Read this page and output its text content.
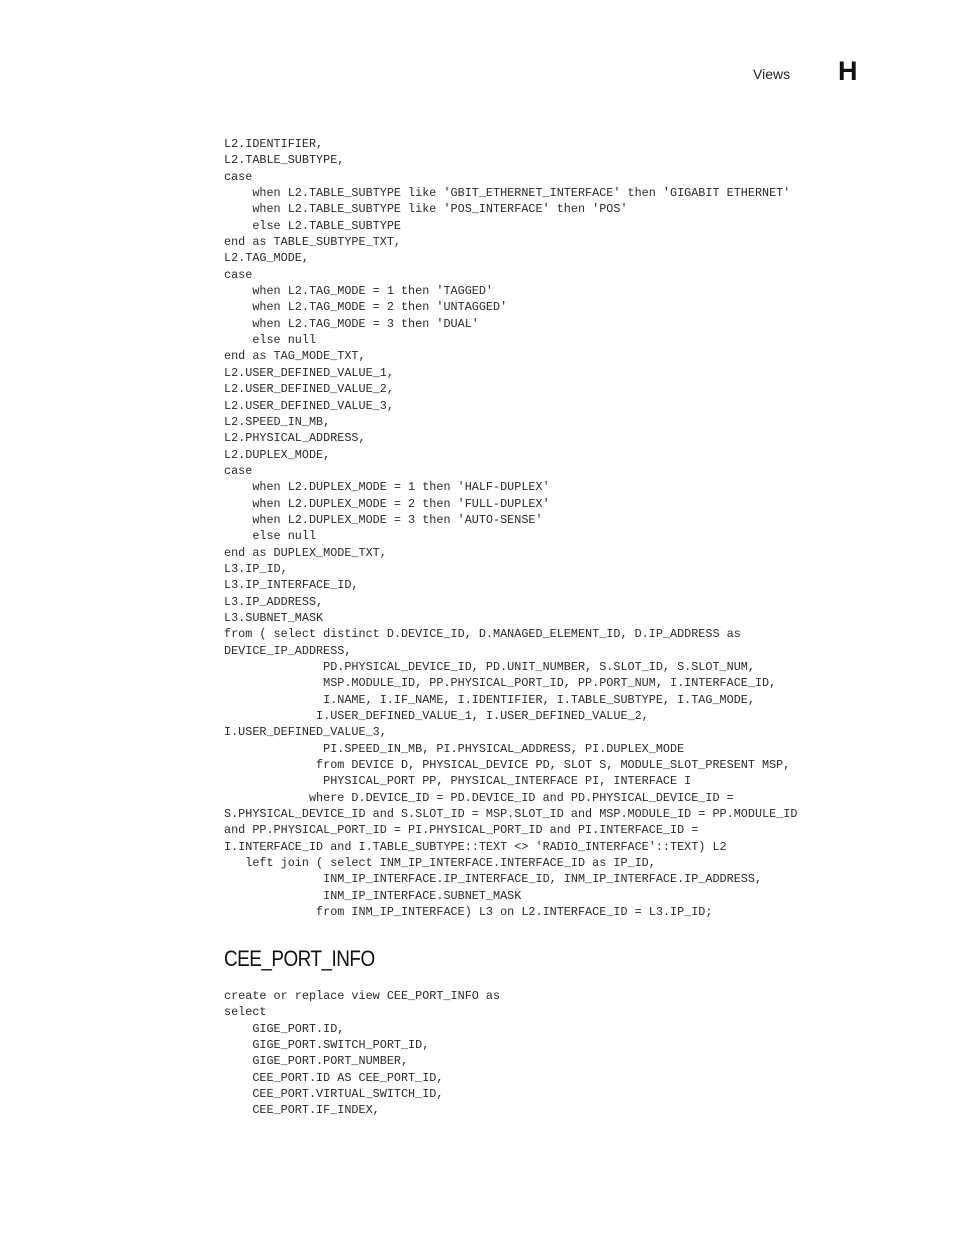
Views H
L2.IDENTIFIER,
L2.TABLE_SUBTYPE,
case
when L2.TABLE_SUBTYPE like 'GBIT_ETHERNET_INTERFACE' then 'GIGABIT ETHERNET'
when L2.TABLE_SUBTYPE like 'POS_INTERFACE' then 'POS'
else L2.TABLE_SUBTYPE
end as TABLE_SUBTYPE_TXT,
L2.TAG_MODE,
case
when L2.TAG_MODE = 1 then 'TAGGED'
when L2.TAG_MODE = 2 then 'UNTAGGED'
when L2.TAG_MODE = 3 then 'DUAL'
else null
end as TAG_MODE_TXT,
L2.USER_DEFINED_VALUE_1,
L2.USER_DEFINED_VALUE_2,
L2.USER_DEFINED_VALUE_3,
L2.SPEED_IN_MB,
L2.PHYSICAL_ADDRESS,
L2.DUPLEX_MODE,
case
when L2.DUPLEX_MODE = 1 then 'HALF-DUPLEX'
when L2.DUPLEX_MODE = 2 then 'FULL-DUPLEX'
when L2.DUPLEX_MODE = 3 then 'AUTO-SENSE'
else null
end as DUPLEX_MODE_TXT,
L3.IP_ID,
L3.IP_INTERFACE_ID,
L3.IP_ADDRESS,
L3.SUBNET_MASK
from ( select distinct D.DEVICE_ID, D.MANAGED_ELEMENT_ID, D.IP_ADDRESS as
DEVICE_IP_ADDRESS,
PD.PHYSICAL_DEVICE_ID, PD.UNIT_NUMBER, S.SLOT_ID, S.SLOT_NUM,
MSP.MODULE_ID, PP.PHYSICAL_PORT_ID, PP.PORT_NUM, I.INTERFACE_ID,
I.NAME, I.IF_NAME, I.IDENTIFIER, I.TABLE_SUBTYPE, I.TAG_MODE,
I.USER_DEFINED_VALUE_1, I.USER_DEFINED_VALUE_2,
I.USER_DEFINED_VALUE_3,
PI.SPEED_IN_MB, PI.PHYSICAL_ADDRESS, PI.DUPLEX_MODE
from DEVICE D, PHYSICAL_DEVICE PD, SLOT S, MODULE_SLOT_PRESENT MSP,
PHYSICAL_PORT PP, PHYSICAL_INTERFACE PI, INTERFACE I
where D.DEVICE_ID = PD.DEVICE_ID and PD.PHYSICAL_DEVICE_ID =
S.PHYSICAL_DEVICE_ID and S.SLOT_ID = MSP.SLOT_ID and MSP.MODULE_ID = PP.MODULE_ID
and PP.PHYSICAL_PORT_ID = PI.PHYSICAL_PORT_ID and PI.INTERFACE_ID =
I.INTERFACE_ID and I.TABLE_SUBTYPE::TEXT <> 'RADIO_INTERFACE'::TEXT) L2
left join ( select INM_IP_INTERFACE.INTERFACE_ID as IP_ID,
INM_IP_INTERFACE.IP_INTERFACE_ID, INM_IP_INTERFACE.IP_ADDRESS,
INM_IP_INTERFACE.SUBNET_MASK
from INM_IP_INTERFACE) L3 on L2.INTERFACE_ID = L3.IP_ID;
CEE_PORT_INFO
create or replace view CEE_PORT_INFO as
select
GIGE_PORT.ID,
GIGE_PORT.SWITCH_PORT_ID,
GIGE_PORT.PORT_NUMBER,
CEE_PORT.ID AS CEE_PORT_ID,
CEE_PORT.VIRTUAL_SWITCH_ID,
CEE_PORT.IF_INDEX,
